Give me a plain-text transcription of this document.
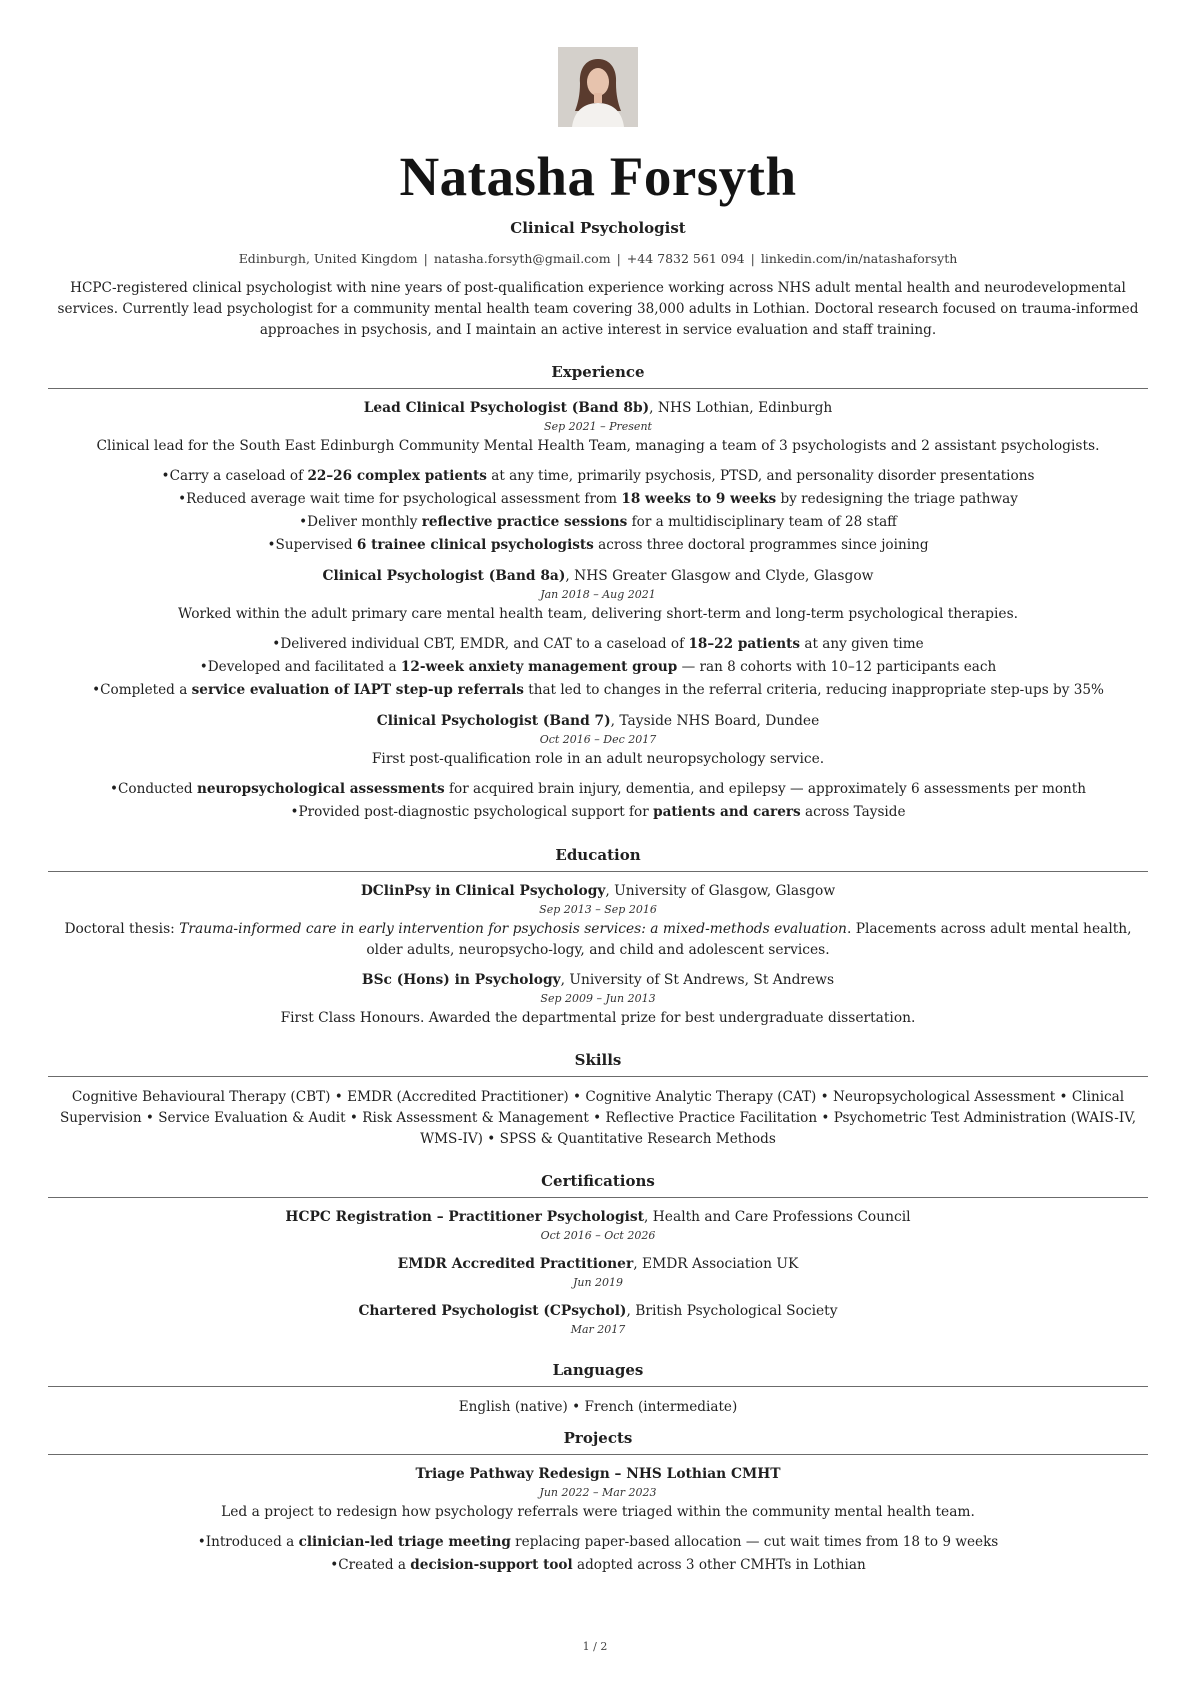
Natasha Forsyth
Clinical Psychologist
Edinburgh, United Kingdom | natasha.forsyth@gmail.com | +44 7832 561 094 | linkedin.com/in/natashaforsyth
HCPC-registered clinical psychologist with nine years of post-qualification experience working across NHS adult mental health and neurodevelopmental services. Currently lead psychologist for a community mental health team covering 38,000 adults in Lothian. Doctoral research focused on trauma-informed approaches in psychosis, and I maintain an active interest in service evaluation and staff training.
Experience
Lead Clinical Psychologist (Band 8b), NHS Lothian, Edinburgh
Sep 2021 – Present
Clinical lead for the South East Edinburgh Community Mental Health Team, managing a team of 3 psychologists and 2 assistant psychologists.
• Carry a caseload of 22–26 complex patients at any time, primarily psychosis, PTSD, and personality disorder presentations
• Reduced average wait time for psychological assessment from 18 weeks to 9 weeks by redesigning the triage pathway
• Deliver monthly reflective practice sessions for a multidisciplinary team of 28 staff
• Supervised 6 trainee clinical psychologists across three doctoral programmes since joining
Clinical Psychologist (Band 8a), NHS Greater Glasgow and Clyde, Glasgow
Jan 2018 – Aug 2021
Worked within the adult primary care mental health team, delivering short-term and long-term psychological therapies.
• Delivered individual CBT, EMDR, and CAT to a caseload of 18–22 patients at any given time
• Developed and facilitated a 12-week anxiety management group — ran 8 cohorts with 10–12 participants each
• Completed a service evaluation of IAPT step-up referrals that led to changes in the referral criteria, reducing inappropriate step-ups by 35%
Clinical Psychologist (Band 7), Tayside NHS Board, Dundee
Oct 2016 – Dec 2017
First post-qualification role in an adult neuropsychology service.
• Conducted neuropsychological assessments for acquired brain injury, dementia, and epilepsy — approximately 6 assessments per month
• Provided post-diagnostic psychological support for patients and carers across Tayside
Education
DClinPsy in Clinical Psychology, University of Glasgow, Glasgow
Sep 2013 – Sep 2016
Doctoral thesis: Trauma-informed care in early intervention for psychosis services: a mixed-methods evaluation. Placements across adult mental health, older adults, neuropsycho-logy, and child and adolescent services.
BSc (Hons) in Psychology, University of St Andrews, St Andrews
Sep 2009 – Jun 2013
First Class Honours. Awarded the departmental prize for best undergraduate dissertation.
Skills
Cognitive Behavioural Therapy (CBT) • EMDR (Accredited Practitioner) • Cognitive Analytic Therapy (CAT) • Neuropsychological Assessment • Clinical Supervision • Service Evaluation & Audit • Risk Assessment & Management • Reflective Practice Facilitation • Psychometric Test Administration (WAIS-IV, WMS-IV) • SPSS & Quantitative Research Methods
Certifications
HCPC Registration – Practitioner Psychologist, Health and Care Professions Council
Oct 2016 – Oct 2026
EMDR Accredited Practitioner, EMDR Association UK
Jun 2019
Chartered Psychologist (CPsychol), British Psychological Society
Mar 2017
Languages
English (native) • French (intermediate)
Projects
Triage Pathway Redesign – NHS Lothian CMHT
Jun 2022 – Mar 2023
Led a project to redesign how psychology referrals were triaged within the community mental health team.
• Introduced a clinician-led triage meeting replacing paper-based allocation — cut wait times from 18 to 9 weeks
• Created a decision-support tool adopted across 3 other CMHTs in Lothian
1 / 2
